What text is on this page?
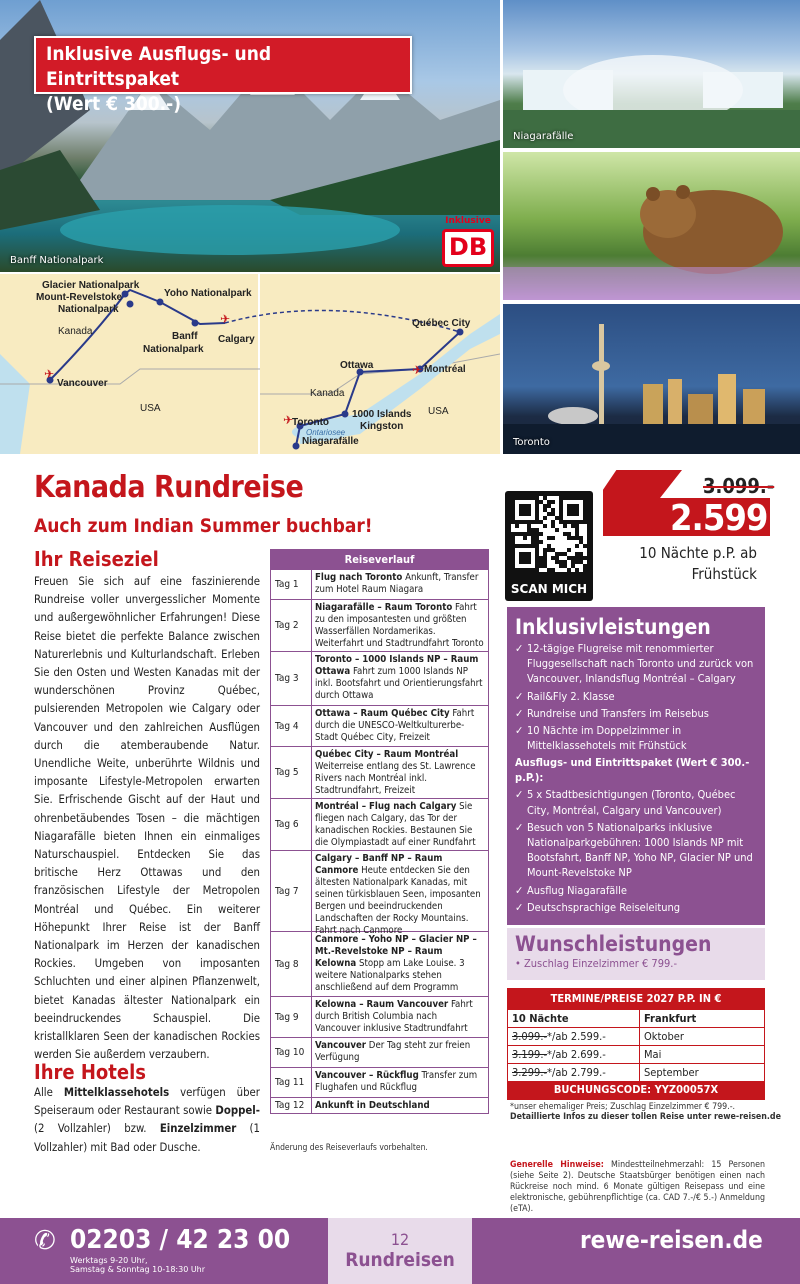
Banff Nationalpark
Inklusive Ausflugs- und Eintrittspaket
(Wert € 300.-)
Inklusive
DB
Niagarafälle
Toronto
✈
✈	✈
✈
Glacier Nationalpark
Mount-Revelstoke
Nationalpark
Yoho Nationalpark
Kanada	Banff
Nationalpark
Calgary
Vancouver
USA
Québec City
Ottawa	Montréal
Kanada
1000 Islands
Kingston
USA
Toronto
Ontariosee
Niagarafälle
Kanada Rundreise
Auch zum Indian Summer buchbar!
Ihr Reiseziel
Freuen Sie sich auf eine faszinierende Rundreise voller unvergesslicher Momente und außergewöhnlicher Erfahrungen! Diese Reise bietet die perfekte Balance zwischen Naturerlebnis und Kulturlandschaft. Erleben Sie den Osten und Westen Kanadas mit der wunderschönen Provinz Québec, pulsierenden Metropolen wie Calgary oder Vancouver und den zahlreichen Ausflügen durch die atemberaubende Natur. Unendliche Weite, unberührte Wildnis und imposante Lifestyle-Metropolen erwarten Sie. Erfrischende Gischt auf der Haut und ohrenbetäubendes Tosen – die mächtigen Niagarafälle bieten Ihnen ein einmaliges Naturschauspiel. Entdecken Sie das britische Herz Ottawas und den französischen Lifestyle der Metropolen Montréal und Québec. Ein weiterer Höhepunkt Ihrer Reise ist der Banff Nationalpark im Herzen der kanadischen Rockies. Umgeben von imposanten Schluchten und einer alpinen Pflanzenwelt, bietet Kanadas ältester Nationalpark ein beeindruckendes Schauspiel. Die kristallklaren Seen der kanadischen Rockies werden Sie außerdem verzaubern.
Ihre Hotels
Alle Mittelklassehotels verfügen über Speiseraum oder Restaurant sowie Doppel- (2 Vollzahler) bzw. Einzelzimmer (1 Vollzahler) mit Bad oder Dusche.
Reiseverlauf
Tag 1
Flug nach Toronto Ankunft, Transfer zum Hotel Raum Niagara
Tag 2
Niagarafälle – Raum Toronto Fahrt zu den imposantesten und größten Wasserfällen Nordamerikas. Weiterfahrt und Stadtrundfahrt Toronto
Tag 3
Toronto – 1000 Islands NP – Raum Ottawa Fahrt zum 1000 Islands NP inkl. Bootsfahrt und Orientierungsfahrt durch Ottawa
Tag 4
Ottawa – Raum Québec City Fahrt durch die UNESCO-Weltkulturerbe-Stadt Québec City, Freizeit
Tag 5
Québec City – Raum Montréal Weiterreise entlang des St. Lawrence Rivers nach Montréal inkl. Stadtrundfahrt, Freizeit
Tag 6
Montréal – Flug nach Calgary Sie fliegen nach Calgary, das Tor der kanadischen Rockies. Bestaunen Sie die Olympiastadt auf einer Rundfahrt
Tag 7
Calgary – Banff NP – Raum Canmore Heute entdecken Sie den ältesten Nationalpark Kanadas, mit seinen türkisblauen Seen, imposanten Bergen und beeindruckenden Landschaften der Rocky Mountains. Fahrt nach Canmore
Tag 8
Canmore – Yoho NP – Glacier NP – Mt.-Revelstoke NP – Raum Kelowna Stopp am Lake Louise. 3 weitere Nationalparks stehen anschließend auf dem Programm
Tag 9
Kelowna – Raum Vancouver Fahrt durch British Columbia nach Vancouver inklusive Stadtrundfahrt
Tag 10
Vancouver Der Tag steht zur freien Verfügung
Tag 11
Vancouver – Rückflug Transfer zum Flughafen und Rückflug
Tag 12	Ankunft in Deutschland
Änderung des Reiseverlaufs vorbehalten.
SCAN MICH
3.099.-
2.599.-
10 Nächte p.P. ab
Frühstück
Inklusivleistungen
✓ 12-tägige Flugreise mit renommierter Fluggesellschaft nach Toronto und zurück von Vancouver, Inlandsflug Montréal – Calgary
✓ Rail&Fly 2. Klasse
✓ Rundreise und Transfers im Reisebus
✓ 10 Nächte im Doppelzimmer in Mittelklassehotels mit Frühstück
Ausflugs- und Eintrittspaket (Wert € 300.- p.P.):
✓ 5 x Stadtbesichtigungen (Toronto, Québec City, Montréal, Calgary und Vancouver)
✓ Besuch von 5 Nationalparks inklusive Nationalparkgebühren: 1000 Islands NP mit Bootsfahrt, Banff NP, Yoho NP, Glacier NP und Mount-Revelstoke NP
✓ Ausflug Niagarafälle
✓ Deutschsprachige Reiseleitung
Wunschleistungen

• Zuschlag Einzelzimmer € 799.-

TERMINE/PREISE 2027 P.P. IN €
10 Nächte	Frankfurt
3.099.-*/ab 2.599.-	Oktober
3.199.-*/ab 2.699.-	Mai
3.299.-*/ab 2.799.-	September
BUCHUNGSCODE: YYZ00057X
*unser ehemaliger Preis; Zuschlag Einzelzimmer € 799.-.
Detaillierte Infos zu dieser tollen Reise unter rewe-reisen.de
Generelle Hinweise: Mindestteilnehmerzahl: 15 Personen (siehe Seite 2). Deutsche Staatsbürger benötigen einen nach Rückreise noch mind. 6 Monate gültigen Reisepass und eine elektronische, gebührenpflichtige (ca. CAD 7.-/€ 5.-) Anmeldung (eTA).
✆ 02203 / 42 23 00
Werktags 9-20 Uhr,
Samstag & Sonntag 10-18:30 Uhr
12
Rundreisen
rewe-reisen.de
